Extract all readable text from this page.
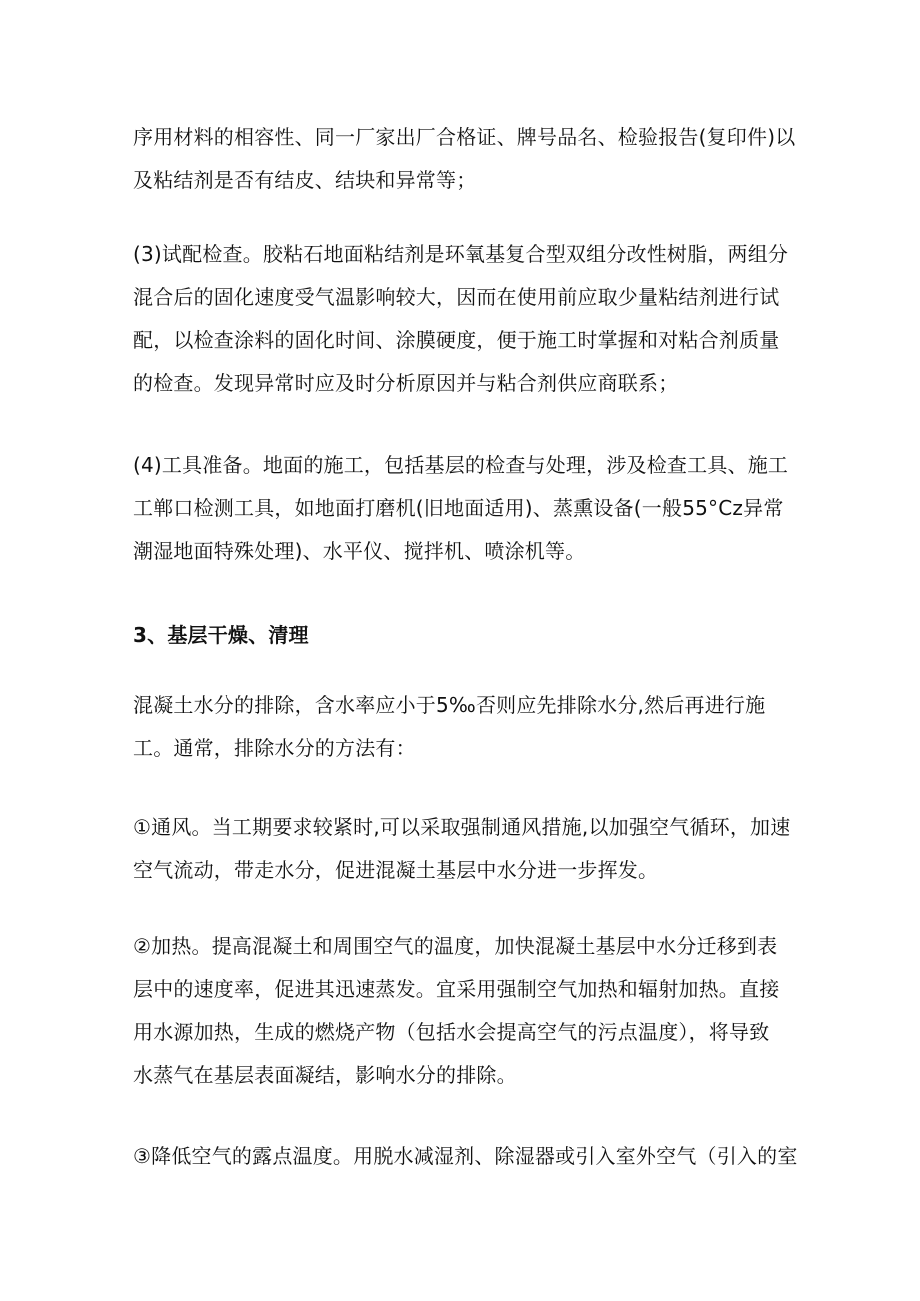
序用材料的相容性、同一厂家出厂合格证、牌号品名、检验报告(复印件)以
及粘结剂是否有结皮、结块和异常等；
(3)试配检查。胶粘石地面粘结剂是环氧基复合型双组分改性树脂，两组分
混合后的固化速度受气温影响较大，因而在使用前应取少量粘结剂进行试
配，以检查涂料的固化时间、涂膜硬度，便于施工时掌握和对粘合剂质量
的检查。发现异常时应及时分析原因并与粘合剂供应商联系；
(4)工具准备。地面的施工，包括基层的检查与处理，涉及检查工具、施工
工郸口检测工具，如地面打磨机(旧地面适用)、蒸熏设备(一般55°Cz异常
潮湿地面特殊处理)、水平仪、搅拌机、喷涂机等。
3、基层干燥、清理
混凝土水分的排除，含水率应小于5‰否则应先排除水分,然后再进行施
工。通常，排除水分的方法有：
①通风。当工期要求较紧时,可以采取强制通风措施,以加强空气循环，加速
空气流动，带走水分，促进混凝土基层中水分进一步挥发。
②加热。提高混凝土和周围空气的温度，加快混凝土基层中水分迁移到表
层中的速度率，促进其迅速蒸发。宜采用强制空气加热和辐射加热。直接
用水源加热，生成的燃烧产物（包括水会提高空气的污点温度），将导致
水蒸气在基层表面凝结，影响水分的排除。
③降低空气的露点温度。用脱水减湿剂、除湿器或引入室外空气（引入的室
